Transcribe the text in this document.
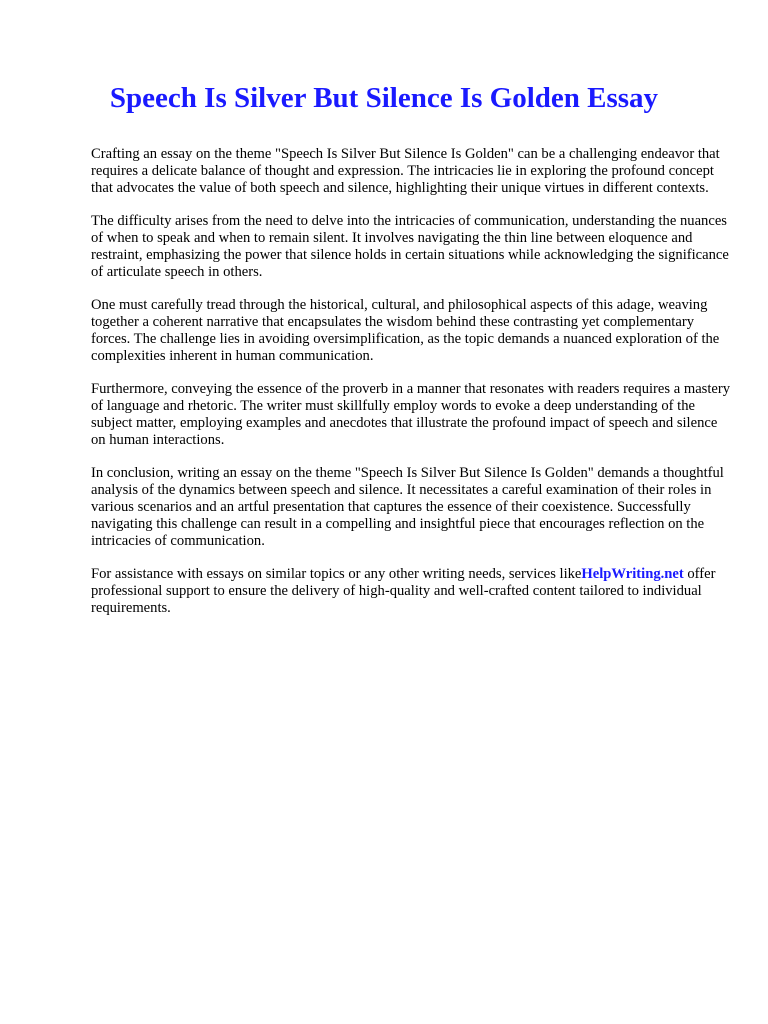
Speech Is Silver But Silence Is Golden Essay

Crafting an essay on the theme "Speech Is Silver But Silence Is Golden" can be a challenging endeavor that requires a delicate balance of thought and expression. The intricacies lie in exploring the profound concept that advocates the value of both speech and silence, highlighting their unique virtues in different contexts.

The difficulty arises from the need to delve into the intricacies of communication, understanding the nuances of when to speak and when to remain silent. It involves navigating the thin line between eloquence and restraint, emphasizing the power that silence holds in certain situations while acknowledging the significance of articulate speech in others.

One must carefully tread through the historical, cultural, and philosophical aspects of this adage, weaving together a coherent narrative that encapsulates the wisdom behind these contrasting yet complementary forces. The challenge lies in avoiding oversimplification, as the topic demands a nuanced exploration of the complexities inherent in human communication.

Furthermore, conveying the essence of the proverb in a manner that resonates with readers requires a mastery of language and rhetoric. The writer must skillfully employ words to evoke a deep understanding of the subject matter, employing examples and anecdotes that illustrate the profound impact of speech and silence on human interactions.

In conclusion, writing an essay on the theme "Speech Is Silver But Silence Is Golden" demands a thoughtful analysis of the dynamics between speech and silence. It necessitates a careful examination of their roles in various scenarios and an artful presentation that captures the essence of their coexistence. Successfully navigating this challenge can result in a compelling and insightful piece that encourages reflection on the intricacies of communication.

For assistance with essays on similar topics or any other writing needs, services likeHelpWriting.net offer professional support to ensure the delivery of high-quality and well-crafted content tailored to individual requirements.
